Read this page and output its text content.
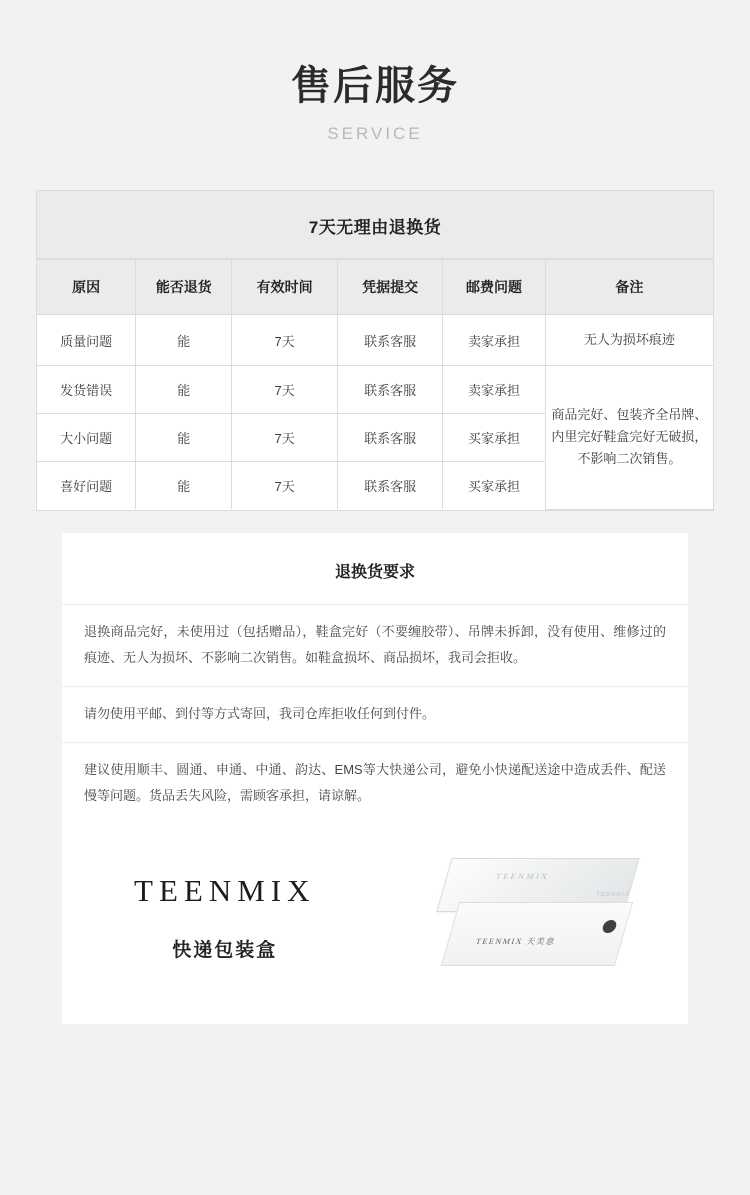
售后服务
SERVICE
7天无理由退换货
原因	能否退货	有效时间	凭据提交	邮费问题	备注
质量问题	能	7天	联系客服	卖家承担	无人为损坏痕迹
发货错误	能	7天	联系客服	卖家承担	商品完好、包装齐全吊牌、内里完好鞋盒完好无破损，不影响二次销售。
大小问题	能	7天	联系客服	买家承担	
喜好问题	能	7天	联系客服	买家承担	
退换货要求
退换商品完好，未使用过（包括赠品），鞋盒完好（不要缠胶带）、吊牌未拆卸，没有使用、维修过的痕迹、无人为损坏、不影响二次销售。如鞋盒损坏、商品损坏，我司会拒收。
请勿使用平邮、到付等方式寄回，我司仓库拒收任何到付件。
建议使用顺丰、圆通、申通、中通、韵达、EMS等大快递公司，避免小快递配送途中造成丢件、配送慢等问题。货品丢失风险，需顾客承担，请谅解。
TEENMIX
快递包装盒
TEENMIX
TEENMIX 天美意
TEENMIX
